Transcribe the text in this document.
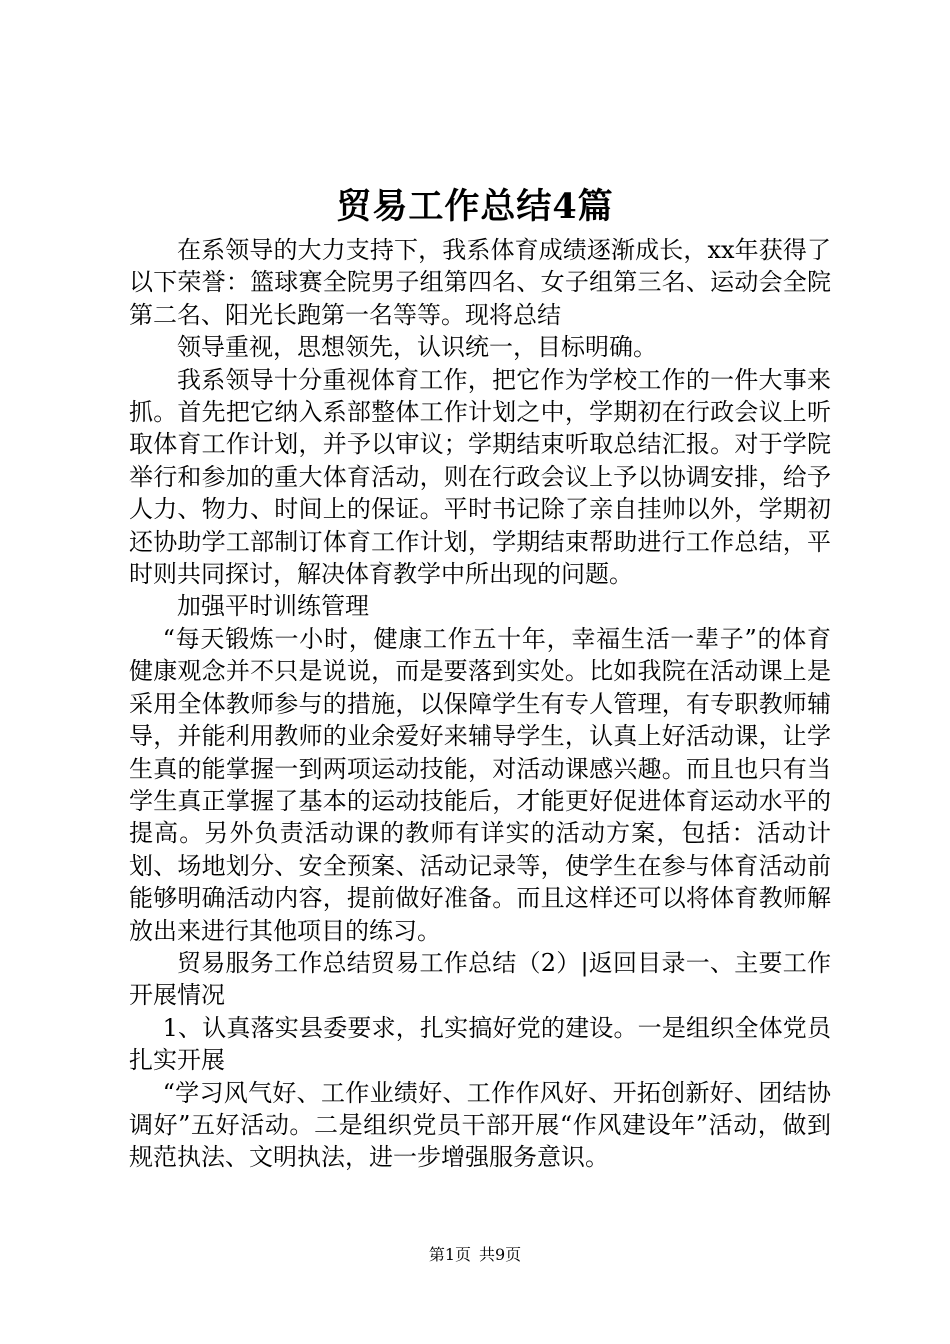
贸易工作总结4篇

在系领导的大力支持下，我系体育成绩逐渐成长，xx年获得了以下荣誉：篮球赛全院男子组第四名、女子组第三名、运动会全院第二名、阳光长跑第一名等等。现将总结

领导重视，思想领先，认识统一，目标明确。

我系领导十分重视体育工作，把它作为学校工作的一件大事来抓。首先把它纳入系部整体工作计划之中，学期初在行政会议上听取体育工作计划，并予以审议；学期结束听取总结汇报。对于学院举行和参加的重大体育活动，则在行政会议上予以协调安排，给予人力、物力、时间上的保证。平时书记除了亲自挂帅以外，学期初还协助学工部制订体育工作计划，学期结束帮助进行工作总结，平时则共同探讨，解决体育教学中所出现的问题。

加强平时训练管理

“每天锻炼一小时，健康工作五十年，幸福生活一辈子”的体育健康观念并不只是说说，而是要落到实处。比如我院在活动课上是采用全体教师参与的措施，以保障学生有专人管理，有专职教师辅导，并能利用教师的业余爱好来辅导学生，认真上好活动课，让学生真的能掌握一到两项运动技能，对活动课感兴趣。而且也只有当学生真正掌握了基本的运动技能后，才能更好促进体育运动水平的提高。另外负责活动课的教师有详实的活动方案，包括：活动计划、场地划分、安全预案、活动记录等，使学生在参与体育活动前能够明确活动内容，提前做好准备。而且这样还可以将体育教师解放出来进行其他项目的练习。

贸易服务工作总结贸易工作总结（2）|返回目录一、主要工作开展情况

1、认真落实县委要求，扎实搞好党的建设。一是组织全体党员扎实开展

“学习风气好、工作业绩好、工作作风好、开拓创新好、团结协调好”五好活动。二是组织党员干部开展“作风建设年”活动，做到规范执法、文明执法，进一步增强服务意识。

第1页 共9页
